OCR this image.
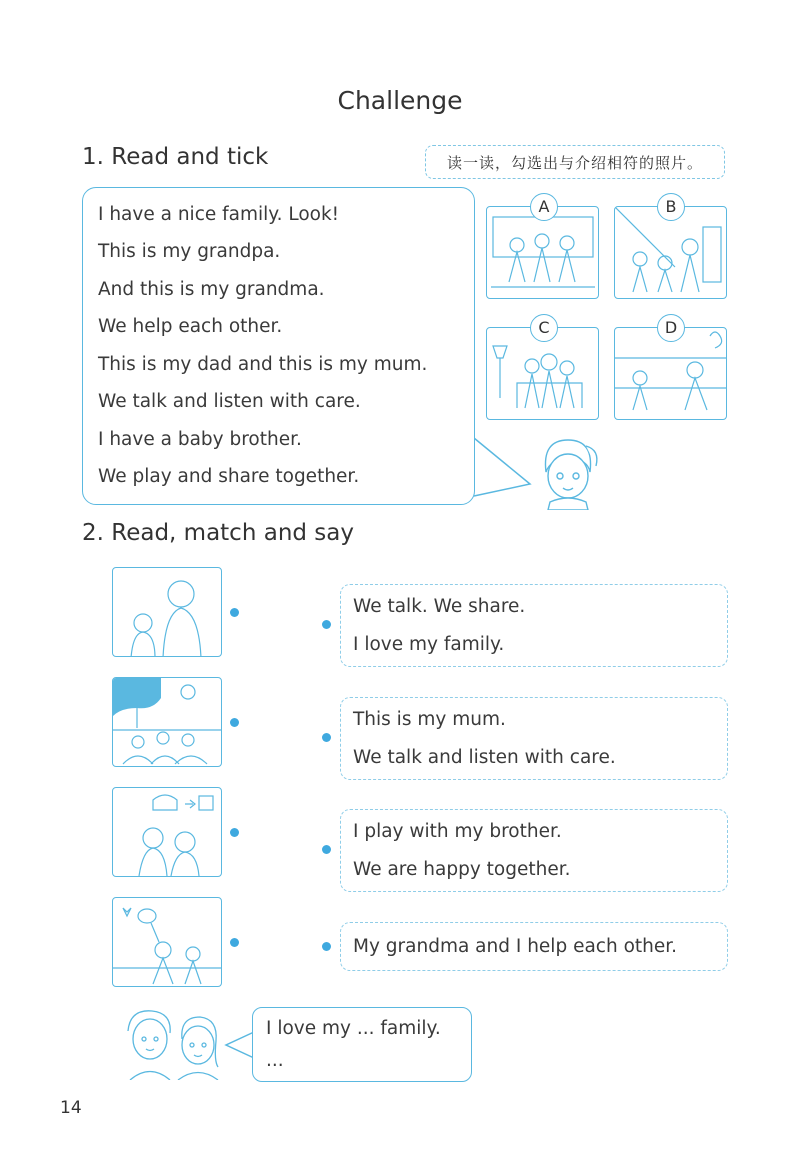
Challenge
1. Read and tick	读一读，勾选出与介绍相符的照片。
I have a nice family. Look!
This is my grandpa.
And this is my grandma.
We help each other.
This is my dad and this is my mum.
We talk and listen with care.
I have a baby brother.
We play and share together.
A	B
C	D
2. Read, match and say
We talk. We share.
I love my family.
This is my mum.
We talk and listen with care.
I play with my brother.
We are happy together.
My grandma and I help each other.
I love my ... family.
...
14
